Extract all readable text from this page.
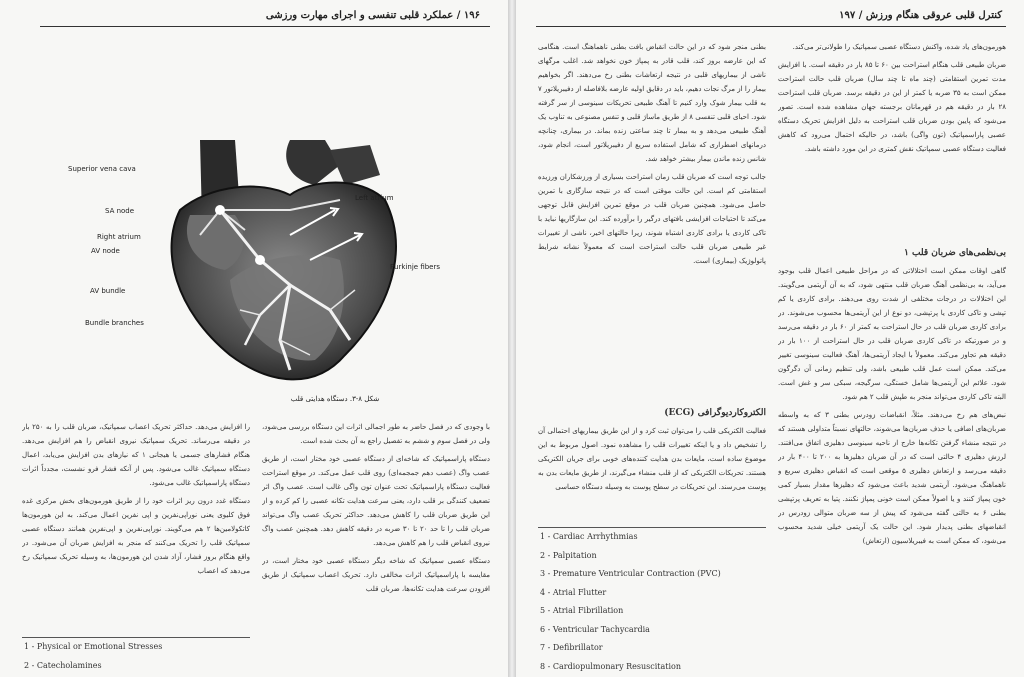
۱۹۶ / عملکرد قلبی تنفسی و اجرای مهارت ورزشی
Superior vena cava
SA node
Right atrium
AV node
Left atrium
Purkinje fibers
AV bundle
Bundle branches
شکل ۸-۳. دستگاه هدایتی قلب

با وجودی که در فصل حاضر به طور اجمالی اثرات این دستگاه بررسی می‌شود، ولی در فصل سوم و ششم به تفصیل راجع به آن بحث شده است.

دستگاه پاراسمپاتیک که شاخه‌ای از دستگاه عصبی خود مختار است، از طریق عصب واگ (عصب دهم جمجمه‌ای) روی قلب عمل می‌کند. در موقع استراحت فعالیت دستگاه پاراسمپاتیک تحت عنوان تون واگی غالب است. عصب واگ اثر تضعیف کنندگی بر قلب دارد، یعنی سرعت هدایت تکانه عصبی را کم کرده و از این طریق ضربان قلب را کاهش می‌دهد. حداکثر تحریک عصب واگ می‌تواند ضربان قلب را تا حد ۲۰ تا ۳۰ ضربه در دقیقه کاهش دهد. همچنین عصب واگ نیروی انقباض قلب را هم کاهش می‌دهد.

دستگاه عصبی سمپاتیک که شاخه دیگر دستگاه عصبی خود مختار است، در مقایسه با پاراسمپاتیک اثرات مخالفی دارد. تحریک اعصاب سمپاتیک از طریق افزودن سرعت هدایت تکانه‌ها، ضربان قلب

را افزایش می‌دهد. حداکثر تحریک اعصاب سمپاتیک، ضربان قلب را به ۲۵۰ بار در دقیقه می‌رساند. تحریک سمپاتیک نیروی انقباض را هم افزایش می‌دهد. هنگام فشارهای جسمی یا هیجانی ۱ که نیازهای بدن افزایش می‌یابد، اعمال دستگاه سمپاتیک غالب می‌شود. پس از آنکه فشار فرو نشست، مجدداً اثرات دستگاه پاراسمپاتیک غالب می‌شود.

دستگاه غدد درون ریز اثرات خود را از طریق هورمون‌های بخش مرکزی غده فوق کلیوی یعنی نوراپی‌نفرین و اپی نفرین اعمال می‌کند. به این هورمون‌ها کاتکولامین‌ها ۲ هم می‌گویند. نوراپی‌نفرین و اپی‌نفرین همانند دستگاه عصبی سمپاتیک قلب را تحریک می‌کنند که منجر به افزایش ضربان آن می‌شود. در واقع هنگام بروز فشار، آزاد شدن این هورمون‌ها، به وسیله تحریک سمپاتیک رخ می‌دهد که اعصاب

1 - Physical or Emotional Stresses
2 - Catecholamines
کنترل قلبی عروقی هنگام ورزش / ۱۹۷

هورمون‌های یاد شده، واکنش دستگاه عصبی سمپاتیک را طولانی‌تر می‌کند.

ضربان طبیعی قلب هنگام استراحت بین ۶۰ تا ۸۵ بار در دقیقه است. با افزایش مدت تمرین استقامتی (چند ماه تا چند سال) ضربان قلب حالت استراحت ممکن است به ۳۵ ضربه یا کمتر از این در دقیقه برسد. ضربان قلب استراحت ۲۸ بار در دقیقه هم در قهرمانان برجسته جهان مشاهده شده است. تصور می‌شود که پایین بودن ضربان قلب استراحت به دلیل افزایش تحریک دستگاه عصبی پاراسمپاتیک (تون واگی) باشد، در حالیکه احتمال می‌رود که کاهش فعالیت دستگاه عصبی سمپاتیک نقش کمتری در این مورد داشته باشد.

بی‌نظمی‌های ضربان قلب ۱

گاهی اوقات ممکن است اختلالاتی که در مراحل طبیعی اعمال قلب بوجود می‌آید، به بی‌نظمی آهنگ ضربان قلب منتهی شود، که به آن آریتمی می‌گویند. این اختلالات در درجات مختلفی از شدت روی می‌دهند. برادی کاردی یا کم تپشی و تاکی کاردی یا پرتپشی، دو نوع از این آریتمی‌ها محسوب می‌شوند. در برادی کاردی ضربان قلب در حال استراحت به کمتر از ۶۰ بار در دقیقه می‌رسد و در صورتیکه در تاکی کاردی ضربان قلب در حال استراحت از ۱۰۰ بار در دقیقه هم تجاوز می‌کند. معمولاً با ایجاد آریتمی‌ها، آهنگ فعالیت سینوسی تغییر می‌کند. ممکن است عمل قلب طبیعی باشد، ولی تنظیم زمانی آن دگرگون شود. علائم این آریتمی‌ها شامل خستگی، سرگیجه، سبکی سر و غش است. البته تاکی کاردی می‌تواند منجر به طپش قلب ۲ هم شود.

نبض‌های هم رخ می‌دهند. مثلاً، انقباضات زودرس بطنی ۳ که به واسطه ضربان‌های اضافی یا حذف ضربان‌ها می‌شوند، حالتهای نسبتاً متداولی هستند که در نتیجه منشاء گرفتن تکانه‌ها خارج از ناحیه سینوسی دهلیزی اتفاق می‌افتند. لرزش دهلیزی ۴ حالتی است که در آن ضربان دهلیزها به ۲۰۰ تا ۴۰۰ بار در دقیقه می‌رسد و ارتعاش دهلیزی ۵ موقعی است که انقباض دهلیزی سریع و ناهماهنگ می‌شود. آریتمی شدید باعث می‌شود که دهلیزها مقدار بسیار کمی خون پمپاژ کنند و یا اصولاً ممکن است خونی پمپاژ نکنند. پتیا به تعریف پرتپشی بطنی ۶ به حالتی گفته می‌شود که پیش از سه ضربان متوالی زودرس در انقباضهای بطنی پدیدار شود. این حالت یک آریتمی خیلی شدید محسوب می‌شود، که ممکن است به فیبریلاسیون (ارتعاش)

بطنی منجر شود که در این حالت انقباض بافت بطنی ناهماهنگ است. هنگامی که این عارضه بروز کند، قلب قادر به پمپاژ خون نخواهد شد. اغلب مرگهای ناشی از بیماریهای قلبی در نتیجه ارتعاشات بطنی رخ می‌دهند. اگر بخواهیم بیمار را از مرگ نجات دهیم، باید در دقایق اولیه عارضه بلافاصله از دفیبریلاتور ۷ به قلب بیمار شوک وارد کنیم تا آهنگ طبیعی تحریکات سینوسی از سر گرفته شود. احیای قلبی تنفسی ۸ از طریق ماساژ قلبی و تنفس مصنوعی به تناوب یک آهنگ طبیعی می‌دهد و به بیمار تا چند ساعتی زنده بماند. در بیماری، چنانچه درمانهای اضطراری که شامل استفاده سریع از دفیبریلاتور است، انجام شود، شانس زنده ماندن بیمار بیشتر خواهد شد.

جالب توجه است که ضربان قلب زمان استراحت بسیاری از ورزشکاران ورزیده استقامتی کم است. این حالت موقتی است که در نتیجه سازگاری با تمرین حاصل می‌شود. همچنین ضربان قلب در موقع تمرین افزایش قابل توجهی می‌کند تا احتیاجات افزایشی بافتهای درگیر را برآورده کند. این سازگاریها نباید با تاکی کاردی یا برادی کاردی اشتباه شوند، زیرا حالتهای اخیر، ناشی از تغییرات غیر طبیعی ضربان قلب حالت استراحت است که معمولاً نشانه شرایط پاتولوژیک (بیماری) است.

الکتروکاردیوگرافی (ECG)

فعالیت الکتریکی قلب را می‌توان ثبت کرد و از این طریق بیماریهای احتمالی آن را تشخیص داد و یا اینکه تغییرات قلب را مشاهده نمود. اصول مربوط به این موضوع ساده است، مایعات بدن هدایت کننده‌های خوبی برای جریان الکتریکی هستند. تحریکات الکتریکی که از قلب منشاء می‌گیرند، از طریق مایعات بدن به پوست می‌رسند. این تحریکات در سطح پوست به وسیله دستگاه حساسی

1 - Cardiac Arrhythmias
2 - Palpitation
3 - Premature Ventricular Contraction (PVC)
4 - Atrial Flutter
5 - Atrial Fibrillation
6 - Ventricular Tachycardia
7 - Defibrillator
8 - Cardiopulmonary Resuscitation
